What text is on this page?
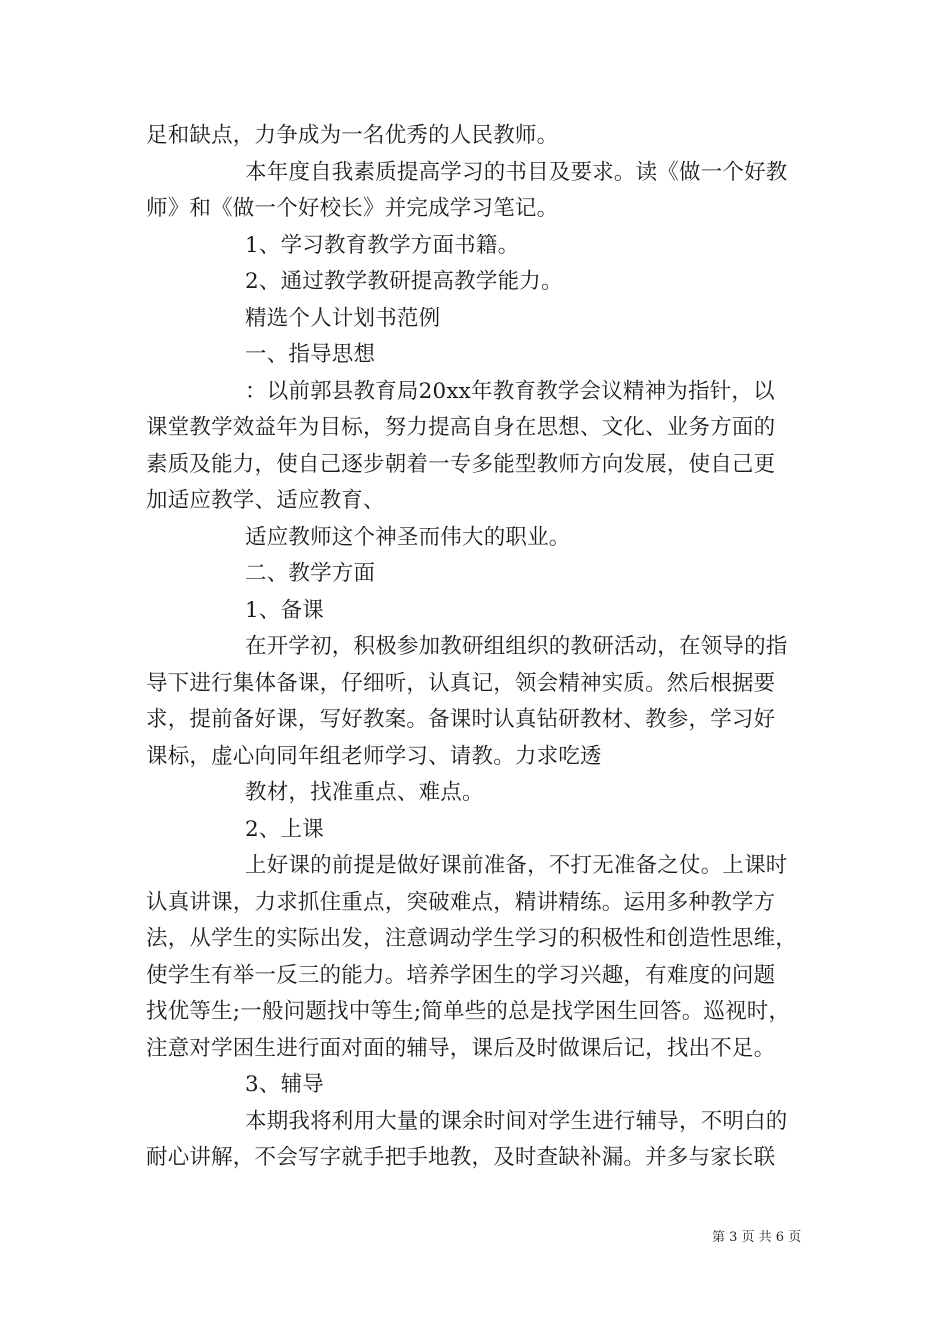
足和缺点，力争成为一名优秀的人民教师。
本年度自我素质提高学习的书目及要求。读《做一个好教
师》和《做一个好校长》并完成学习笔记。
1、学习教育教学方面书籍。
2、通过教学教研提高教学能力。
精选个人计划书范例
一、指导思想
：以前郭县教育局20xx年教育教学会议精神为指针，以
课堂教学效益年为目标，努力提高自身在思想、文化、业务方面的
素质及能力，使自己逐步朝着一专多能型教师方向发展，使自己更
加适应教学、适应教育、
适应教师这个神圣而伟大的职业。
二、教学方面
1、备课
在开学初，积极参加教研组组织的教研活动，在领导的指
导下进行集体备课，仔细听，认真记，领会精神实质。然后根据要
求，提前备好课，写好教案。备课时认真钻研教材、教参，学习好
课标，虚心向同年组老师学习、请教。力求吃透
教材，找准重点、难点。
2、上课
上好课的前提是做好课前准备，不打无准备之仗。上课时
认真讲课，力求抓住重点，突破难点，精讲精练。运用多种教学方
法，从学生的实际出发，注意调动学生学习的积极性和创造性思维，
使学生有举一反三的能力。培养学困生的学习兴趣，有难度的问题
找优等生;一般问题找中等生;简单些的总是找学困生回答。巡视时，
注意对学困生进行面对面的辅导，课后及时做课后记，找出不足。
3、辅导
本期我将利用大量的课余时间对学生进行辅导，不明白的
耐心讲解，不会写字就手把手地教，及时查缺补漏。并多与家长联
第 3 页 共 6 页
